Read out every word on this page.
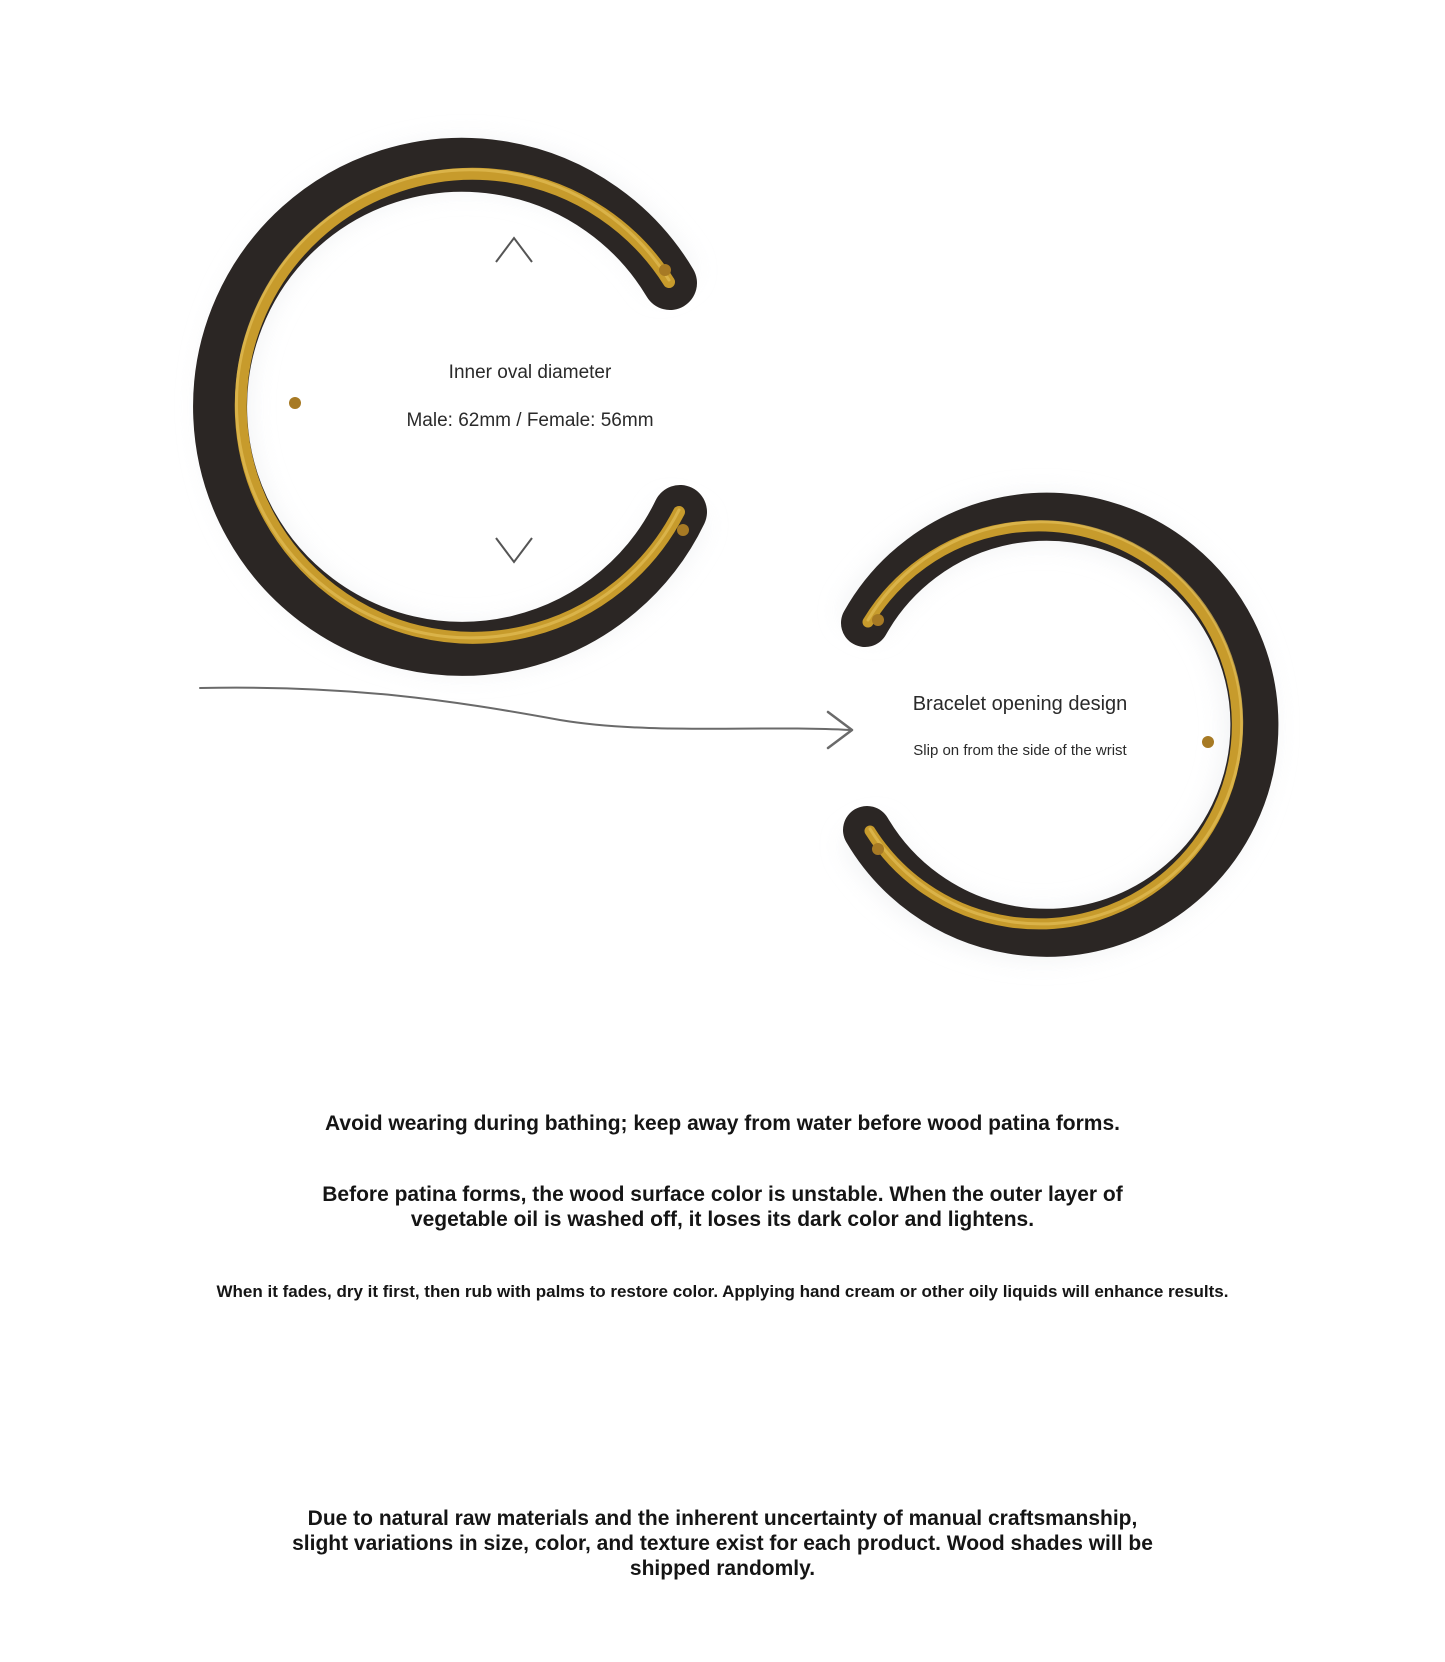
Inner oval diameter
Male: 62mm / Female: 56mm
Bracelet opening design
Slip on from the side of the wrist
Avoid wearing during bathing; keep away from water before wood patina forms.
Before patina forms, the wood surface color is unstable. When the outer layer of
vegetable oil is washed off, it loses its dark color and lightens.
When it fades, dry it first, then rub with palms to restore color. Applying hand cream or other oily liquids will enhance results.
Due to natural raw materials and the inherent uncertainty of manual craftsmanship,
slight variations in size, color, and texture exist for each product. Wood shades will be
shipped randomly.
